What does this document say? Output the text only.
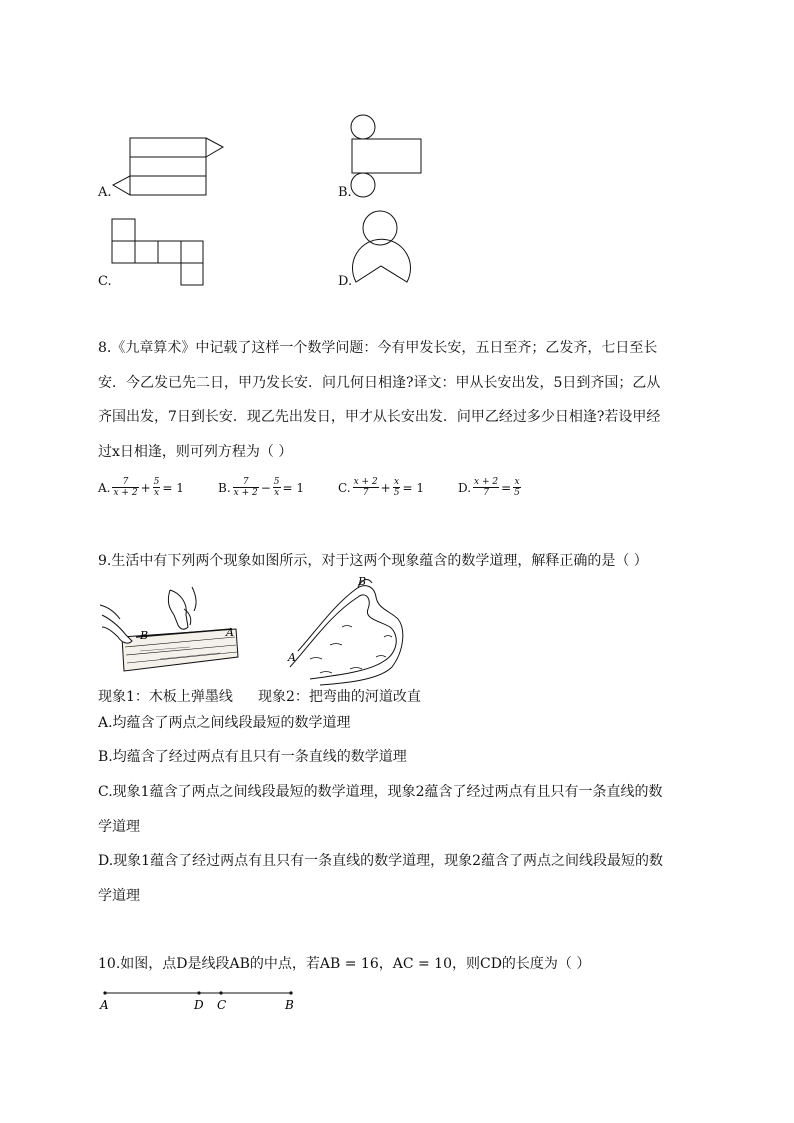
A.	B.
C.	D.
8.《九章算术》中记载了这样一个数学问题：今有甲发长安，五日至齐；乙发齐，七日至长
安．今乙发已先二日，甲乃发长安．问几何日相逢?译文：甲从长安出发，5日到齐国；乙从
齐国出发，7日到长安．现乙先出发日，甲才从长安出发．问甲乙经过多少日相逢?若设甲经
过x日相逢，则可列方程为（ ）
A. $\frac{7}{x + 2} + \frac{5}{x} = 1$	B. $\frac{7}{x + 2} - \frac{5}{x} = 1$	C. $\frac{x + 2}{7} + \frac{x}{5} = 1$	D. $\frac{x + 2}{7} = \frac{x}{5}$
9.生活中有下列两个现象如图所示，对于这两个现象蕴含的数学道理，解释正确的是（ ）
B	A
B
A
现象1：木板上弹墨线 现象2：把弯曲的河道改直
A.均蕴含了两点之间线段最短的数学道理
B.均蕴含了经过两点有且只有一条直线的数学道理
C.现象1蕴含了两点之间线段最短的数学道理，现象2蕴含了经过两点有且只有一条直线的数
学道理
D.现象1蕴含了经过两点有且只有一条直线的数学道理，现象2蕴含了两点之间线段最短的数
学道理
10.如图，点D是线段AB的中点，若AB = 16，AC = 10，则CD的长度为（ ）
A	D C	B
